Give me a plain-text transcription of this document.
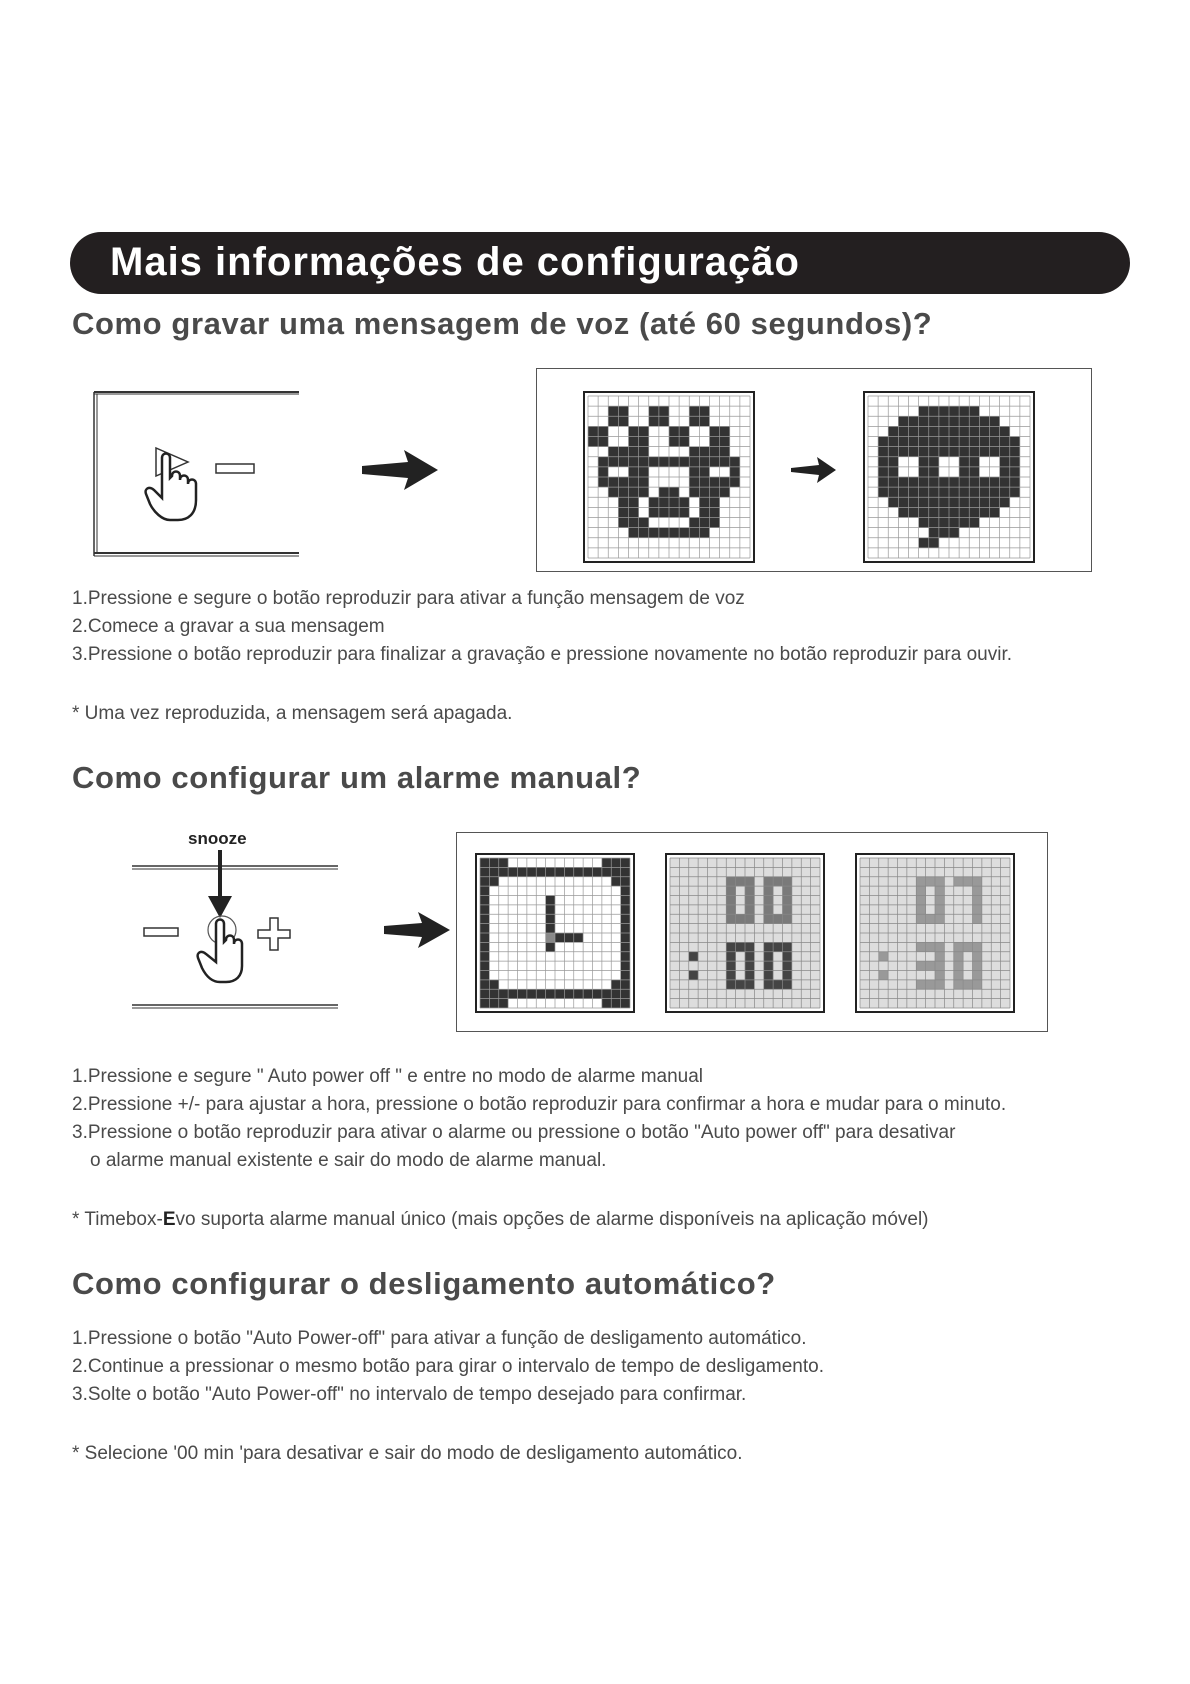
Mais informações de configuração
Como gravar uma mensagem de voz (até 60 segundos)?
1.Pressione e segure o botão reproduzir para ativar a função mensagem de voz
2.Comece a gravar a sua mensagem
3.Pressione o botão reproduzir para finalizar a gravação e pressione novamente no botão reproduzir para ouvir.
* Uma vez reproduzida, a mensagem será apagada.
Como configurar um alarme manual?
snooze
1.Pressione e segure " Auto power off " e entre no modo de alarme manual
2.Pressione +/- para ajustar a hora, pressione o botão reproduzir para confirmar a hora e mudar para o minuto.
3.Pressione o botão reproduzir para ativar o alarme ou pressione o botão "Auto power off" para desativar
o alarme manual existente e sair do modo de alarme manual.
* Timebox-Evo suporta alarme manual único (mais opções de alarme disponíveis na aplicação móvel)
Como configurar o desligamento automático?
1.Pressione o botão "Auto Power-off" para ativar a função de desligamento automático.
2.Continue a pressionar o mesmo botão para girar o intervalo de tempo de desligamento.
3.Solte o botão "Auto Power-off" no intervalo de tempo desejado para confirmar.
* Selecione '00 min 'para desativar e sair do modo de desligamento automático.
